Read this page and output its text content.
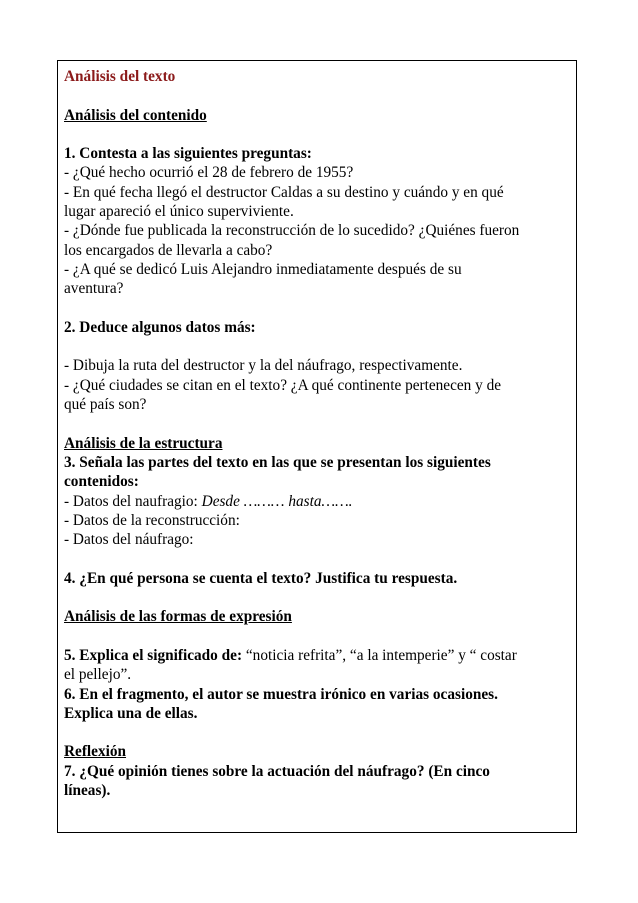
Análisis del texto
Análisis del contenido
1. Contesta a las siguientes preguntas:
- ¿Qué hecho ocurrió el 28 de febrero de 1955?
- En qué fecha llegó el destructor Caldas a su destino y cuándo y en qué
lugar apareció el único superviviente.
- ¿Dónde fue publicada la reconstrucción de lo sucedido? ¿Quiénes fueron
los encargados de llevarla a cabo?
- ¿A qué se dedicó Luis Alejandro inmediatamente después de su
aventura?
2. Deduce algunos datos más:
- Dibuja la ruta del destructor y la del náufrago, respectivamente.
- ¿Qué ciudades se citan en el texto? ¿A qué continente pertenecen y de
qué país son?
Análisis de la estructura
3. Señala las partes del texto en las que se presentan los siguientes
contenidos:
- Datos del naufragio: Desde ……… hasta…….
- Datos de la reconstrucción:
- Datos del náufrago:
4. ¿En qué persona se cuenta el texto? Justifica tu respuesta.
Análisis de las formas de expresión
5. Explica el significado de: “noticia refrita”, “a la intemperie” y “ costar
el pellejo”.
6. En el fragmento, el autor se muestra irónico en varias ocasiones.
Explica una de ellas.
Reflexión
7. ¿Qué opinión tienes sobre la actuación del náufrago? (En cinco
líneas).
